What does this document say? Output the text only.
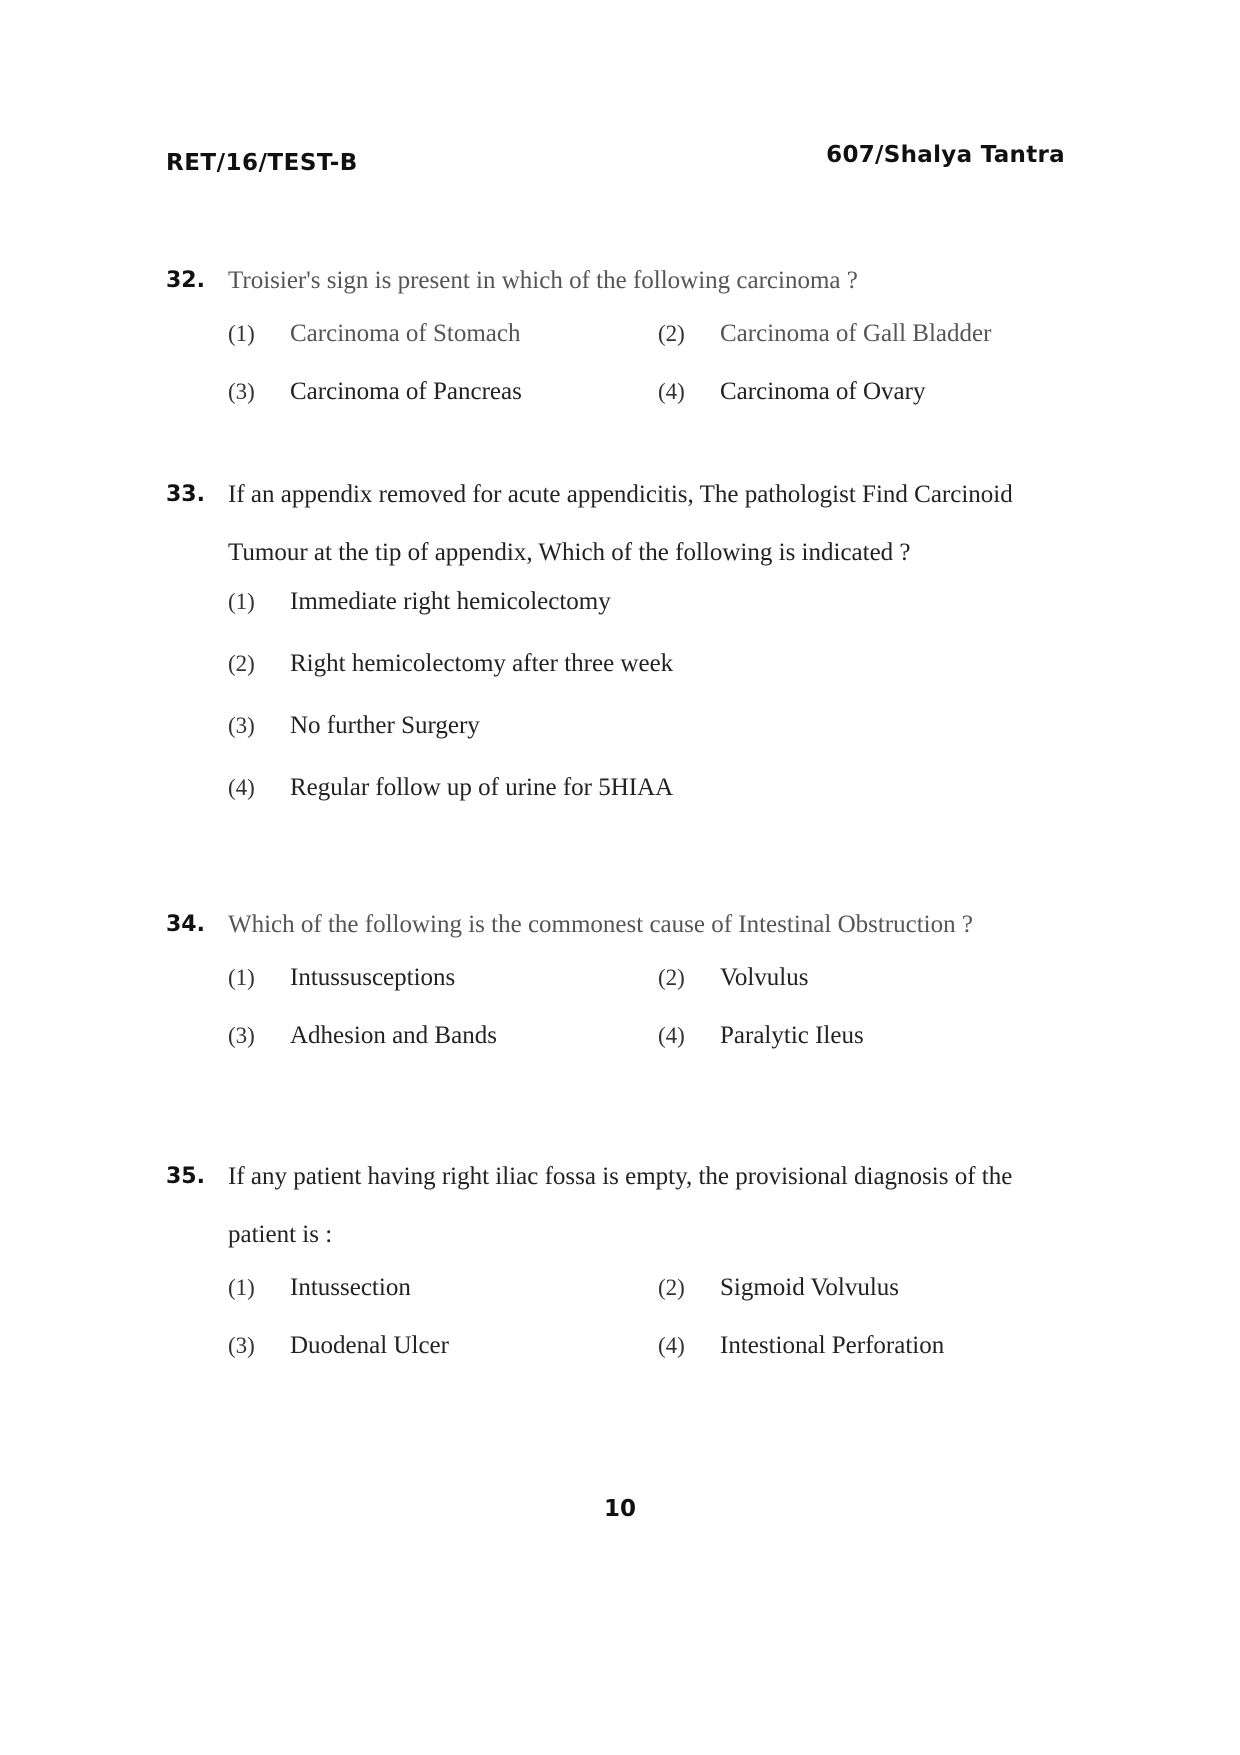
RET/16/TEST-B	607/Shalya Tantra
32. Troisier's sign is present in which of the following carcinoma ?
(1)	Carcinoma of Stomach	(2)	Carcinoma of Gall Bladder
(3)	Carcinoma of Pancreas	(4)	Carcinoma of Ovary
33. If an appendix removed for acute appendicitis, The pathologist Find Carcinoid Tumour at the tip of appendix, Which of the following is indicated ?
(1)	Immediate right hemicolectomy
(2)	Right hemicolectomy after three week
(3)	No further Surgery
(4)	Regular follow up of urine for 5HIAA
34. Which of the following is the commonest cause of Intestinal Obstruction ?
(1)	Intussusceptions	(2)	Volvulus
(3)	Adhesion and Bands	(4)	Paralytic Ileus
35. If any patient having right iliac fossa is empty, the provisional diagnosis of the patient is :
(1)	Intussection	(2)	Sigmoid Volvulus
(3)	Duodenal Ulcer	(4)	Intestional Perforation
10
